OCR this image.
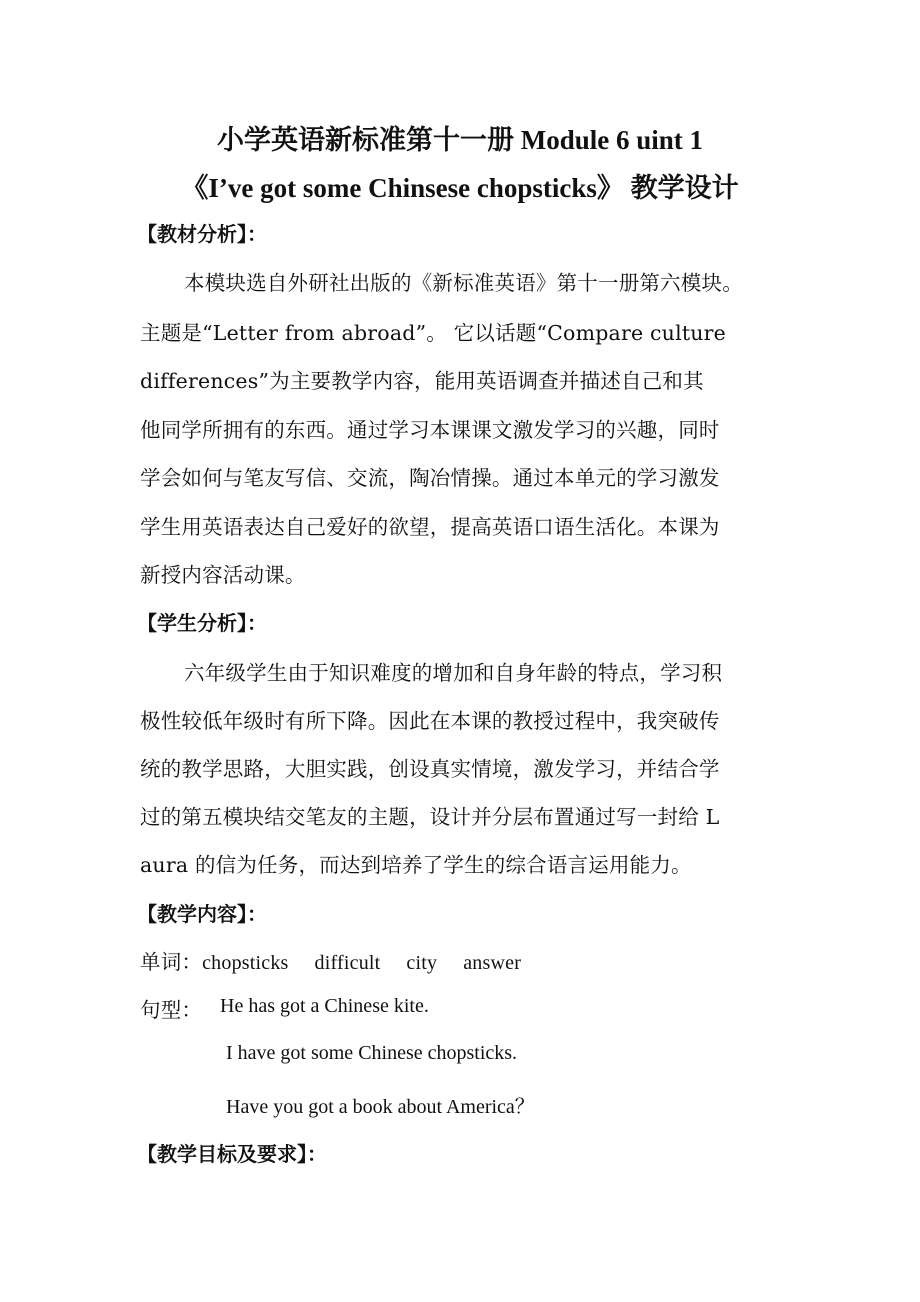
小学英语新标准第十一册 Module 6 uint 1
《I’ve got some Chinsese chopsticks》 教学设计
【教材分析】：
本模块选自外研社出版的《新标准英语》第十一册第六模块。
主题是“Letter from abroad”。 它以话题“Compare culture
differences”为主要教学内容，能用英语调查并描述自己和其
他同学所拥有的东西。通过学习本课课文激发学习的兴趣，同时
学会如何与笔友写信、交流，陶冶情操。通过本单元的学习激发
学生用英语表达自己爱好的欲望，提高英语口语生活化。本课为
新授内容活动课。
【学生分析】：
六年级学生由于知识难度的增加和自身年龄的特点，学习积
极性较低年级时有所下降。因此在本课的教授过程中，我突破传
统的教学思路，大胆实践，创设真实情境，激发学习，并结合学
过的第五模块结交笔友的主题，设计并分层布置通过写一封给 L
aura 的信为任务，而达到培养了学生的综合语言运用能力。
【教学内容】：
单词：chopsticks difficult city answer
句型： He has got a Chinese kite.
I have got some Chinese chopsticks.
Have you got a book about America？
【教学目标及要求】：
